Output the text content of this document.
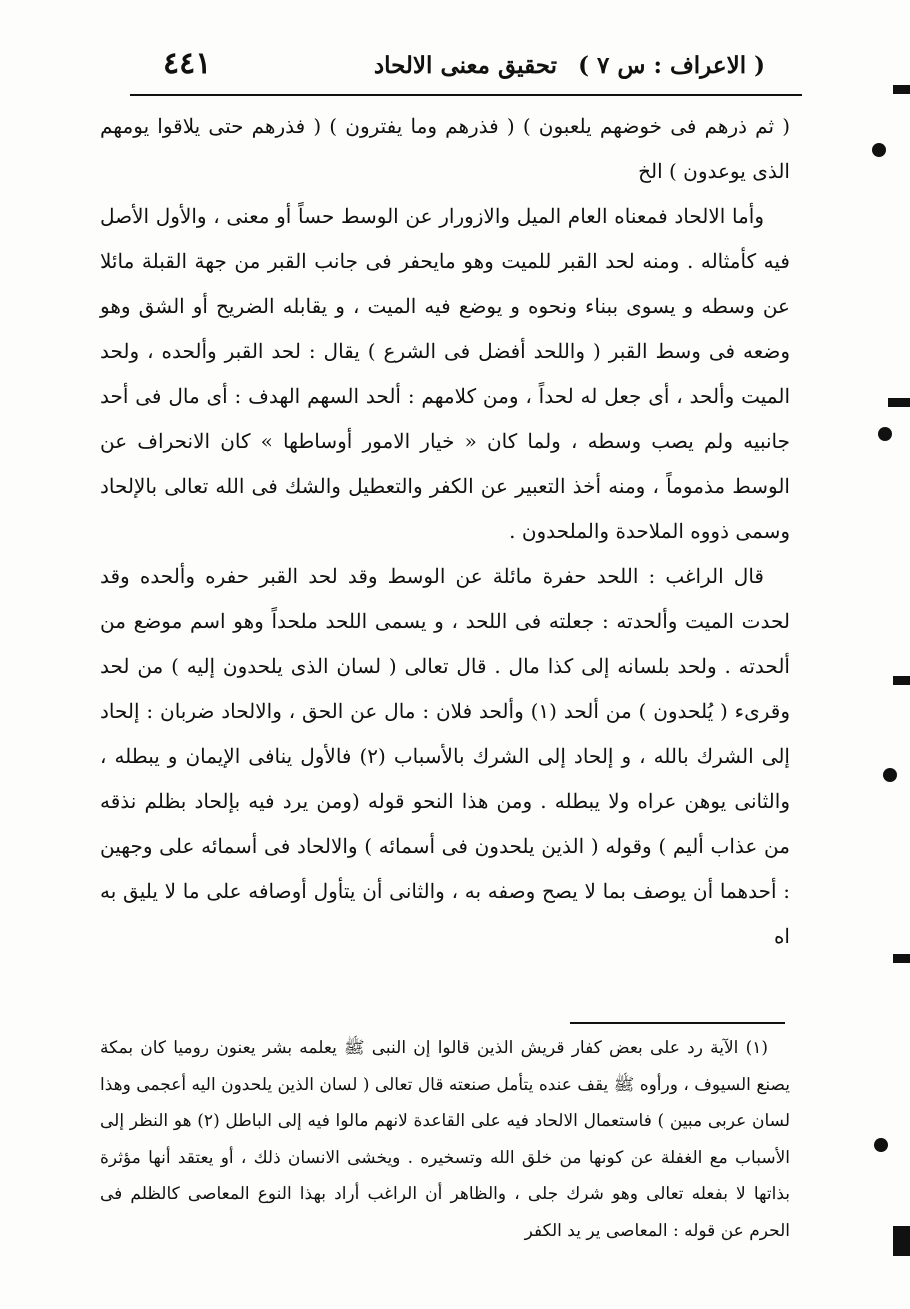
( الاعراف : س ٧ )
تحقيق معنى الالحاد
٤٤١

( ثم ذرهم فى خوضهم يلعبون ) ( فذرهم وما يفترون ) ( فذرهم حتى يلاقوا يومهم الذى يوعدون ) الخ

وأما الالحاد فمعناه العام الميل والازورار عن الوسط حساً أو معنى ، والأول الأصل فيه كأمثاله . ومنه لحد القبر للميت وهو مايحفر فى جانب القبر من جهة القبلة مائلا عن وسطه و يسوى ببناء ونحوه و يوضع فيه الميت ، و يقابله الضريح أو الشق وهو وضعه فى وسط القبر ( واللحد أفضل فى الشرع ) يقال : لحد القبر وألحده ، ولحد الميت وألحد ، أى جعل له لحداً ، ومن كلامهم : ألحد السهم الهدف : أى مال فى أحد جانبيه ولم يصب وسطه ، ولما كان « خيار الامور أوساطها » كان الانحراف عن الوسط مذموماً ، ومنه أخذ التعبير عن الكفر والتعطيل والشك فى الله تعالى بالإلحاد وسمى ذووه الملاحدة والملحدون .

قال الراغب : اللحد حفرة مائلة عن الوسط وقد لحد القبر حفره وألحده وقد لحدت الميت وألحدته : جعلته فى اللحد ، و يسمى اللحد ملحداً وهو اسم موضع من ألحدته . ولحد بلسانه إلى كذا مال . قال تعالى ( لسان الذى يلحدون إليه ) من لحد وقرىء ( يُلحدون ) من ألحد (١) وألحد فلان : مال عن الحق ، والالحاد ضربان : إلحاد إلى الشرك بالله ، و إلحاد إلى الشرك بالأسباب (٢) فالأول ينافى الإيمان و يبطله ، والثانى يوهن عراه ولا يبطله . ومن هذا النحو قوله (ومن يرد فيه بإلحاد بظلم نذقه من عذاب أليم ) وقوله ( الذين يلحدون فى أسمائه ) والالحاد فى أسمائه على وجهين : أحدهما أن يوصف بما لا يصح وصفه به ، والثانى أن يتأول أوصافه على ما لا يليق به اه

(١) الآية رد على بعض كفار قريش الذين قالوا إن النبى ﷺ يعلمه بشر يعنون روميا كان بمكة يصنع السيوف ، ورأوه ﷺ يقف عنده يتأمل صنعته قال تعالى ( لسان الذين يلحدون اليه أعجمى وهذا لسان عربى مبين ) فاستعمال الالحاد فيه على القاعدة لانهم مالوا فيه إلى الباطل (٢) هو النظر إلى الأسباب مع الغفلة عن كونها من خلق الله وتسخيره . ويخشى الانسان ذلك ، أو يعتقد أنها مؤثرة بذاتها لا بفعله تعالى وهو شرك جلى ، والظاهر أن الراغب أراد بهذا النوع المعاصى كالظلم فى الحرم عن قوله : المعاصى ير يد الكفر
